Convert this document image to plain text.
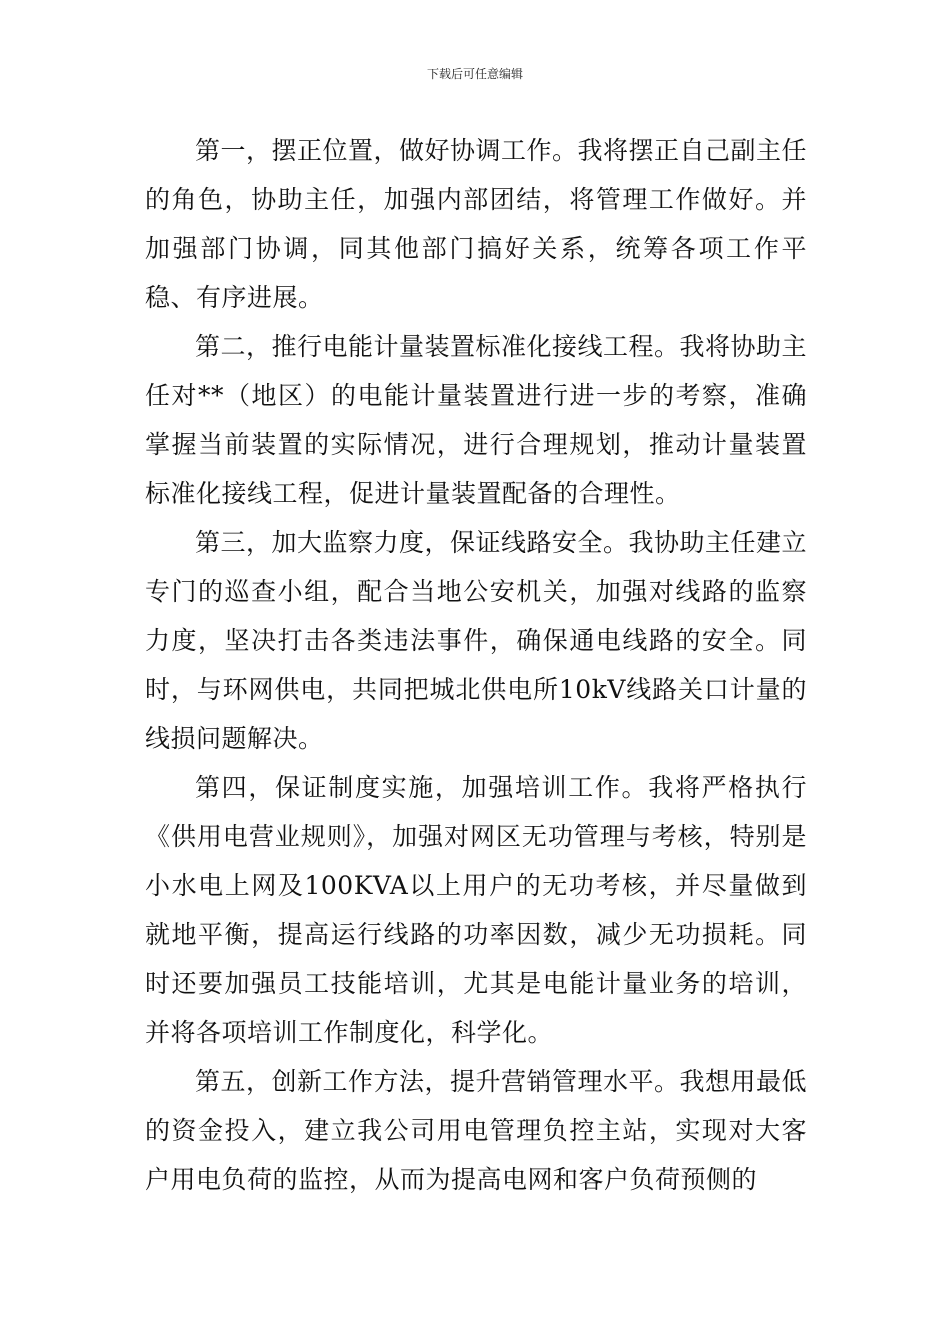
下载后可任意编辑

第一，摆正位置，做好协调工作。我将摆正自己副主任的角色，协助主任，加强内部团结，将管理工作做好。并加强部门协调，同其他部门搞好关系，统筹各项工作平稳、有序进展。

第二，推行电能计量装置标准化接线工程。我将协助主任对**（地区）的电能计量装置进行进一步的考察，准确掌握当前装置的实际情况，进行合理规划，推动计量装置标准化接线工程，促进计量装置配备的合理性。

第三，加大监察力度，保证线路安全。我协助主任建立专门的巡查小组，配合当地公安机关，加强对线路的监察力度，坚决打击各类违法事件，确保通电线路的安全。同时，与环网供电，共同把城北供电所10kV线路关口计量的线损问题解决。

第四，保证制度实施，加强培训工作。我将严格执行《供用电营业规则》，加强对网区无功管理与考核，特别是小水电上网及100KVA以上用户的无功考核，并尽量做到就地平衡，提高运行线路的功率因数，减少无功损耗。同时还要加强员工技能培训，尤其是电能计量业务的培训，并将各项培训工作制度化，科学化。

第五，创新工作方法，提升营销管理水平。我想用最低的资金投入，建立我公司用电管理负控主站，实现对大客户用电负荷的监控，从而为提高电网和客户负荷预侧的
